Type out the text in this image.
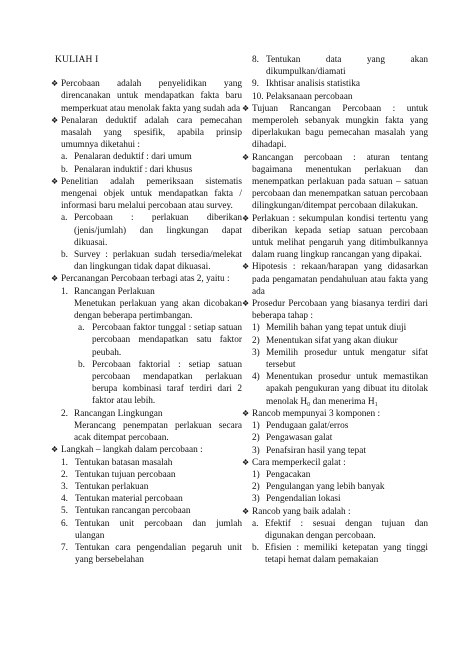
KULIAH I
❖ Percobaan adalah penyelidikan yang direncanakan untuk mendapatkan fakta baru memperkuat atau menolak fakta yang sudah ada
❖ Penalaran deduktif adalah cara pemecahan masalah yang spesifik, apabila prinsip umumnya diketahui :
a. Penalaran deduktif : dari umum
b. Penalaran induktif : dari khusus
❖ Penelitian adalah pemeriksaan sistematis mengenai objek untuk mendapatkan fakta / informasi baru melalui percobaan atau survey.
a. Percobaan : perlakuan diberikan (jenis/jumlah) dan lingkungan dapat dikuasai.
b. Survey : perlakuan sudah tersedia/melekat dan lingkungan tidak dapat dikuasai.
❖ Percanangan Percobaan terbagi atas 2, yaitu :
1. Rancangan Perlakuan
Menetukan perlakuan yang akan dicobakan dengan beberapa pertimbangan.
a. Percobaan faktor tunggal : setiap satuan percobaan mendapatkan satu faktor peubah.
b. Percobaan faktorial : setiap satuan percobaan mendapatkan perlakuan berupa kombinasi taraf terdiri dari 2 faktor atau lebih.
2. Rancangan Lingkungan
Merancang penempatan perlakuan secara acak ditempat percobaan.
❖ Langkah – langkah dalam percobaan :
1. Tentukan batasan masalah
2. Tentukan tujuan percobaan
3. Tentukan perlakuan
4. Tentukan material percobaan
5. Tentukan rancangan percobaan
6. Tentukan unit percobaan dan jumlah ulangan
7. Tentukan cara pengendalian pegaruh unit yang bersebelahan
8. Tentukan data yang akan dikumpulkan/diamati
9. Ikhtisar analisis statistika
10. Pelaksanaan percobaan
❖ Tujuan Rancangan Percobaan : untuk memperoleh sebanyak mungkin fakta yang diperlakukan bagu pemecahan masalah yang dihadapi.
❖ Rancangan percobaan : aturan tentang bagaimana menentukan perlakuan dan menempatkan perlakuan pada satuan – satuan percobaan dan menempatkan satuan percobaan dilingkungan/ditempat percobaan dilakukan.
❖ Perlakuan : sekumpulan kondisi tertentu yang diberikan kepada setiap satuan percobaan untuk melihat pengaruh yang ditimbulkannya dalam ruang lingkup rancangan yang dipakai.
❖ Hipotesis : rekaan/harapan yang didasarkan pada pengamatan pendahuluan atau fakta yang ada
❖ Prosedur Percobaan yang biasanya terdiri dari beberapa tahap :
1) Memilih bahan yang tepat untuk diuji
2) Menentukan sifat yang akan diukur
3) Memilih prosedur untuk mengatur sifat tersebut
4) Menentukan prosedur untuk memastikan apakah pengukuran yang dibuat itu ditolak menolak H₀ dan menerima H₁
❖ Rancob mempunyai 3 komponen :
1) Pendugaan galat/erros
2) Pengawasan galat
3) Penafsiran hasil yang tepat
❖ Cara memperkecil galat :
1) Pengacakan
2) Pengulangan yang lebih banyak
3) Pengendalian lokasi
❖ Rancob yang baik adalah :
a. Efektif : sesuai dengan tujuan dan digunakan dengan percobaan.
b. Efisien : memiliki ketepatan yang tinggi tetapi hemat dalam pemakaian
